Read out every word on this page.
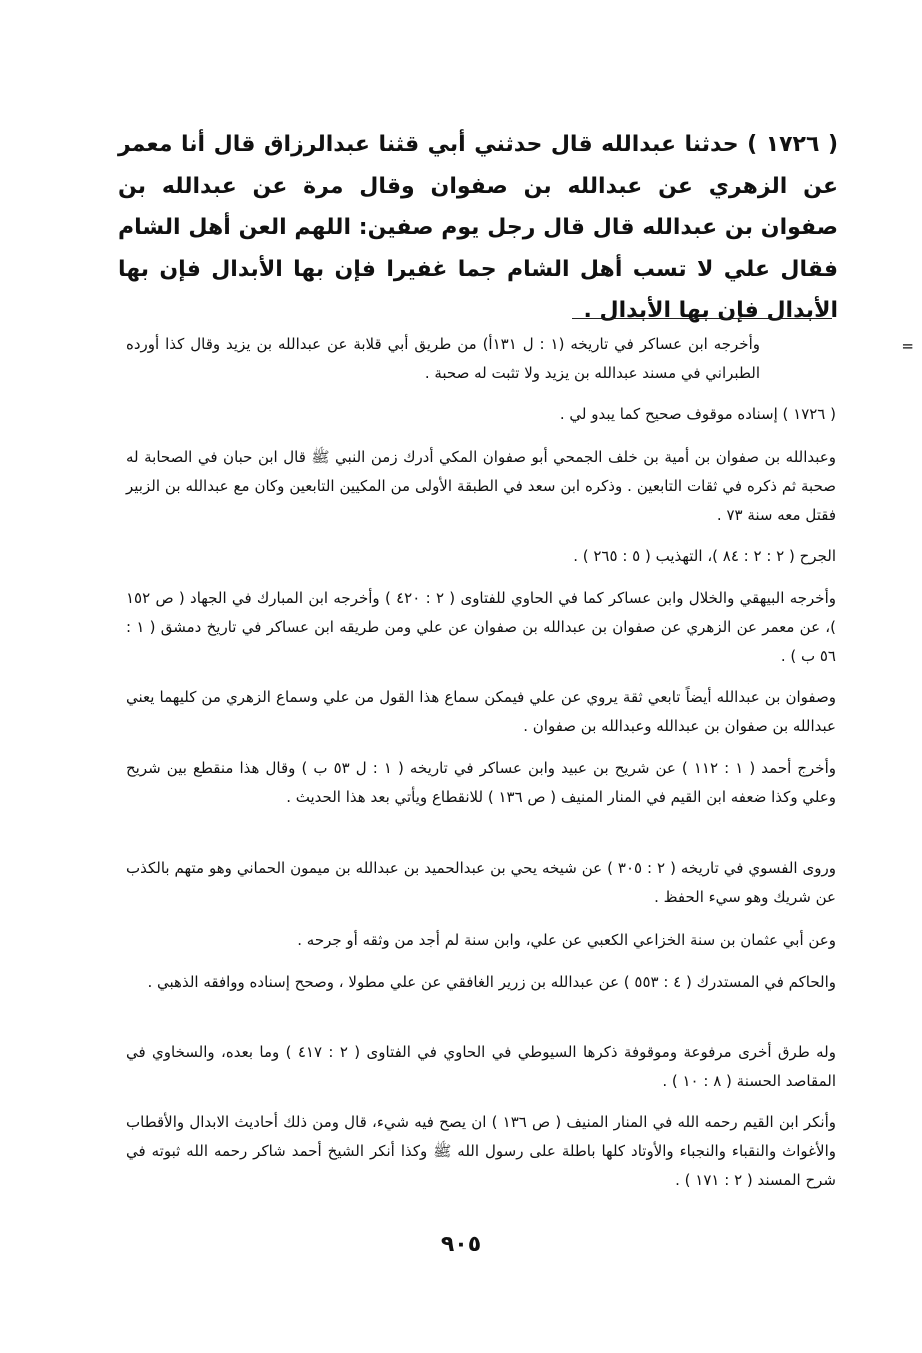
( ١٧٢٦ ) حدثنا عبدالله قال حدثني أبي قثنا عبدالرزاق قال أنا معمر عن الزهري عن عبدالله بن صفوان وقال مرة عن عبدالله بن صفوان بن عبدالله قال قال رجل يوم صفين: اللهم العن أهل الشام فقال علي لا تسب أهل الشام جما غفيرا فإن بها الأبدال فإن بها الأبدال فإن بها الأبدال .

=

وأخرجه ابن عساكر في تاريخه (١ : ل ١٣١أ) من طريق أبي قلابة عن عبدالله بن يزيد وقال كذا أورده الطبراني في مسند عبدالله بن يزيد ولا تثبت له صحبة .

( ١٧٢٦ ) إسناده موقوف صحيح كما يبدو لي .

وعبدالله بن صفوان بن أمية بن خلف الجمحي أبو صفوان المكي أدرك زمن النبي ﷺ قال ابن حبان في الصحابة له صحبة ثم ذكره في ثقات التابعين . وذكره ابن سعد في الطبقة الأولى من المكيين التابعين وكان مع عبدالله بن الزبير فقتل معه سنة ٧٣ .

الجرح ( ٢ : ٢ : ٨٤ )، التهذيب ( ٥ : ٢٦٥ ) .

وأخرجه البيهقي والخلال وابن عساكر كما في الحاوي للفتاوى ( ٢ : ٤٢٠ ) وأخرجه ابن المبارك في الجهاد ( ص ١٥٢ )، عن معمر عن الزهري عن صفوان بن عبدالله بن صفوان عن علي ومن طريقه ابن عساكر في تاريخ دمشق ( ١ : ٥٦ ب ) .

وصفوان بن عبدالله أيضاً تابعي ثقة يروي عن علي فيمكن سماع هذا القول من علي وسماع الزهري من كليهما يعني عبدالله بن صفوان بن عبدالله وعبدالله بن صفوان .

وأخرج أحمد ( ١ : ١١٢ ) عن شريح بن عبيد وابن عساكر في تاريخه ( ١ : ل ٥٣ ب ) وقال هذا منقطع بين شريح وعلي وكذا ضعفه ابن القيم في المنار المنيف ( ص ١٣٦ ) للانقطاع ويأتي بعد هذا الحديث .

وروى الفسوي في تاريخه ( ٢ : ٣٠٥ ) عن شيخه يحي بن عبدالحميد بن عبدالله بن ميمون الحماني وهو متهم بالكذب عن شريك وهو سيء الحفظ .

وعن أبي عثمان بن سنة الخزاعي الكعبي عن علي، وابن سنة لم أجد من وثقه أو جرحه .

والحاكم في المستدرك ( ٤ : ٥٥٣ ) عن عبدالله بن زرير الغافقي عن علي مطولا ، وصحح إسناده ووافقه الذهبي .

وله طرق أخرى مرفوعة وموقوفة ذكرها السيوطي في الحاوي في الفتاوى ( ٢ : ٤١٧ ) وما بعده، والسخاوي في المقاصد الحسنة ( ٨ : ١٠ ) .

وأنكر ابن القيم رحمه الله في المنار المنيف ( ص ١٣٦ ) ان يصح فيه شيء، قال ومن ذلك أحاديث الابدال والأقطاب والأغواث والنقباء والنجباء والأوتاد كلها باطلة على رسول الله ﷺ وكذا أنكر الشيخ أحمد شاكر رحمه الله ثبوته في شرح المسند ( ٢ : ١٧١ ) .

٩٠٥
